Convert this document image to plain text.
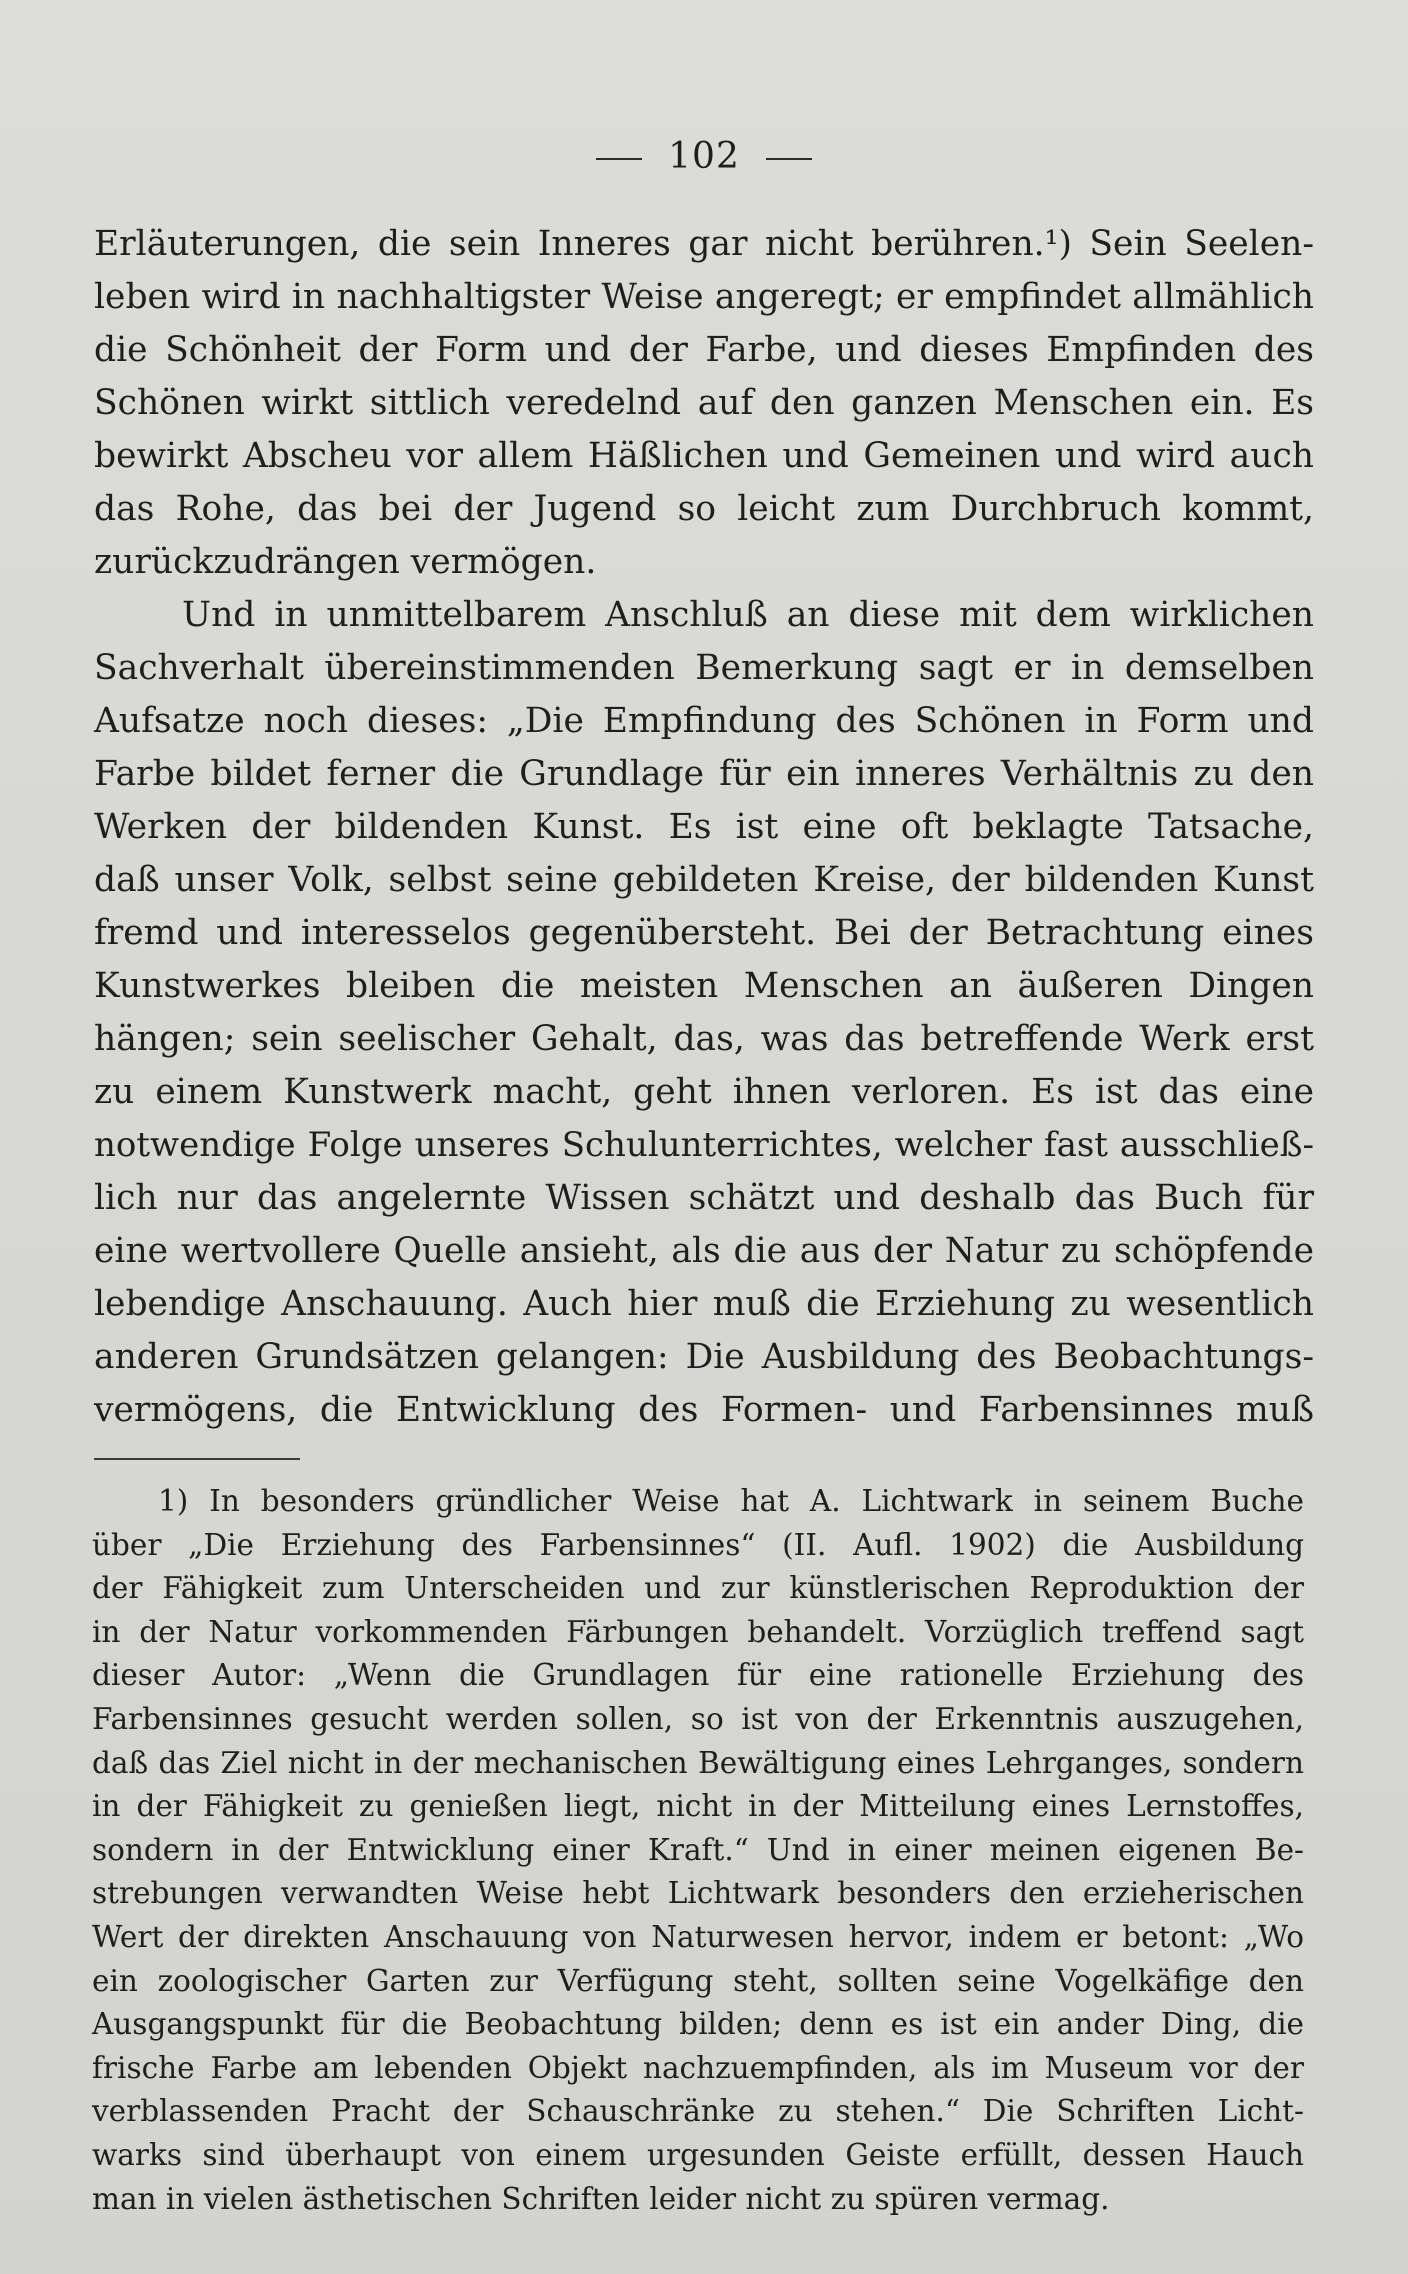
102
Erläuterungen, die sein Inneres gar nicht berühren.¹) Sein Seelen-
leben wird in nachhaltigster Weise angeregt; er empfindet allmählich
die Schönheit der Form und der Farbe, und dieses Empfinden des
Schönen wirkt sittlich veredelnd auf den ganzen Menschen ein. Es
bewirkt Abscheu vor allem Häßlichen und Gemeinen und wird auch
das Rohe, das bei der Jugend so leicht zum Durchbruch kommt,
zurückzudrängen vermögen.
Und in unmittelbarem Anschluß an diese mit dem wirklichen
Sachverhalt übereinstimmenden Bemerkung sagt er in demselben
Aufsatze noch dieses: „Die Empfindung des Schönen in Form und
Farbe bildet ferner die Grundlage für ein inneres Verhältnis zu den
Werken der bildenden Kunst. Es ist eine oft beklagte Tatsache,
daß unser Volk, selbst seine gebildeten Kreise, der bildenden Kunst
fremd und interesselos gegenübersteht. Bei der Betrachtung eines
Kunstwerkes bleiben die meisten Menschen an äußeren Dingen
hängen; sein seelischer Gehalt, das, was das betreffende Werk erst
zu einem Kunstwerk macht, geht ihnen verloren. Es ist das eine
notwendige Folge unseres Schulunterrichtes, welcher fast ausschließ-
lich nur das angelernte Wissen schätzt und deshalb das Buch für
eine wertvollere Quelle ansieht, als die aus der Natur zu schöpfende
lebendige Anschauung. Auch hier muß die Erziehung zu wesentlich
anderen Grundsätzen gelangen: Die Ausbildung des Beobachtungs-
vermögens, die Entwicklung des Formen- und Farbensinnes muß
1) In besonders gründlicher Weise hat A. Lichtwark in seinem Buche
über „Die Erziehung des Farbensinnes“ (II. Aufl. 1902) die Ausbildung
der Fähigkeit zum Unterscheiden und zur künstlerischen Reproduktion der
in der Natur vorkommenden Färbungen behandelt. Vorzüglich treffend sagt
dieser Autor: „Wenn die Grundlagen für eine rationelle Erziehung des
Farbensinnes gesucht werden sollen, so ist von der Erkenntnis auszugehen,
daß das Ziel nicht in der mechanischen Bewältigung eines Lehrganges, sondern
in der Fähigkeit zu genießen liegt, nicht in der Mitteilung eines Lernstoffes,
sondern in der Entwicklung einer Kraft.“ Und in einer meinen eigenen Be-
strebungen verwandten Weise hebt Lichtwark besonders den erzieherischen
Wert der direkten Anschauung von Naturwesen hervor, indem er betont: „Wo
ein zoologischer Garten zur Verfügung steht, sollten seine Vogelkäfige den
Ausgangspunkt für die Beobachtung bilden; denn es ist ein ander Ding, die
frische Farbe am lebenden Objekt nachzuempfinden, als im Museum vor der
verblassenden Pracht der Schauschränke zu stehen.“ Die Schriften Licht-
warks sind überhaupt von einem urgesunden Geiste erfüllt, dessen Hauch
man in vielen ästhetischen Schriften leider nicht zu spüren vermag.
